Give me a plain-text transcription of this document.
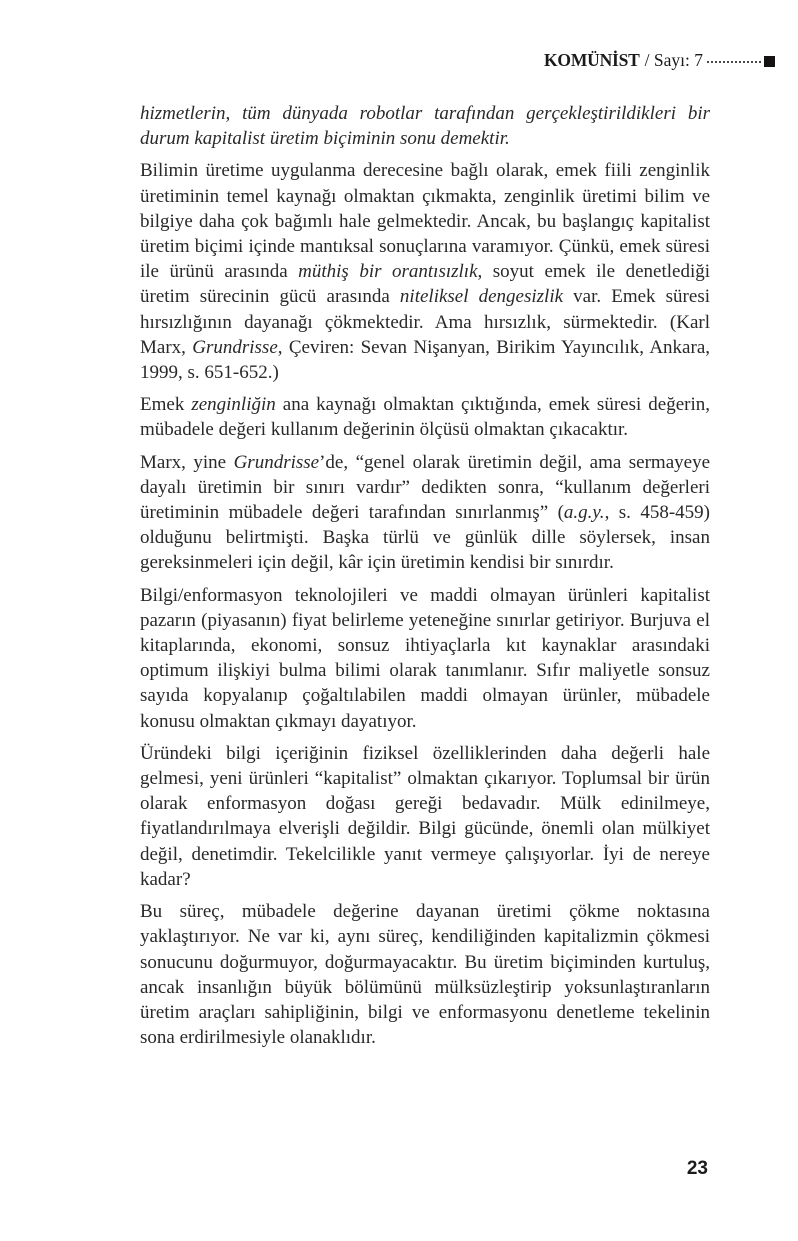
KOMÜNİST / Sayı: 7

hizmetlerin, tüm dünyada robotlar tarafından gerçekleştirildikleri bir durum kapitalist üretim biçiminin sonu demektir.

Bilimin üretime uygulanma derecesine bağlı olarak, emek fiili zenginlik üretiminin temel kaynağı olmaktan çıkmakta, zenginlik üretimi bilim ve bilgiye daha çok bağımlı hale gelmektedir. Ancak, bu başlangıç kapitalist üretim biçimi içinde mantıksal sonuçlarına varamıyor. Çünkü, emek süresi ile ürünü arasında müthiş bir orantısızlık, soyut emek ile denetlediği üretim sürecinin gücü arasında niteliksel dengesizlik var. Emek süresi hırsızlığının dayanağı çökmektedir. Ama hırsızlık, sürmektedir. (Karl Marx, Grundrisse, Çeviren: Sevan Nişanyan, Birikim Yayıncılık, Ankara, 1999, s. 651-652.)

Emek zenginliğin ana kaynağı olmaktan çıktığında, emek süresi değerin, mübadele değeri kullanım değerinin ölçüsü olmaktan çıkacaktır.

Marx, yine Grundrisse’de, “genel olarak üretimin değil, ama sermayeye dayalı üretimin bir sınırı vardır” dedikten sonra, “kullanım değerleri üretiminin mübadele değeri tarafından sınırlanmış” (a.g.y., s. 458-459) olduğunu belirtmişti. Başka türlü ve günlük dille söylersek, insan gereksinmeleri için değil, kâr için üretimin kendisi bir sınırdır.

Bilgi/enformasyon teknolojileri ve maddi olmayan ürünleri kapitalist pazarın (piyasanın) fiyat belirleme yeteneğine sınırlar getiriyor. Burjuva el kitaplarında, ekonomi, sonsuz ihtiyaçlarla kıt kaynaklar arasındaki optimum ilişkiyi bulma bilimi olarak tanımlanır. Sıfır maliyetle sonsuz sayıda kopyalanıp çoğaltılabilen maddi olmayan ürünler, mübadele konusu olmaktan çıkmayı dayatıyor.

Üründeki bilgi içeriğinin fiziksel özelliklerinden daha değerli hale gelmesi, yeni ürünleri “kapitalist” olmaktan çıkarıyor. Toplumsal bir ürün olarak enformasyon doğası gereği bedavadır. Mülk edinilmeye, fiyatlandırılmaya elverişli değildir. Bilgi gücünde, önemli olan mülkiyet değil, denetimdir. Tekelcilikle yanıt vermeye çalışıyorlar. İyi de nereye kadar?

Bu süreç, mübadele değerine dayanan üretimi çökme noktasına yaklaştırıyor. Ne var ki, aynı süreç, kendiliğinden kapitalizmin çökmesi sonucunu doğurmuyor, doğurmayacaktır. Bu üretim biçiminden kurtuluş, ancak insanlığın büyük bölümünü mülksüzleştirip yoksunlaştıranların üretim araçları sahipliğinin, bilgi ve enformasyonu denetleme tekelinin sona erdirilmesiyle olanaklıdır.

23
